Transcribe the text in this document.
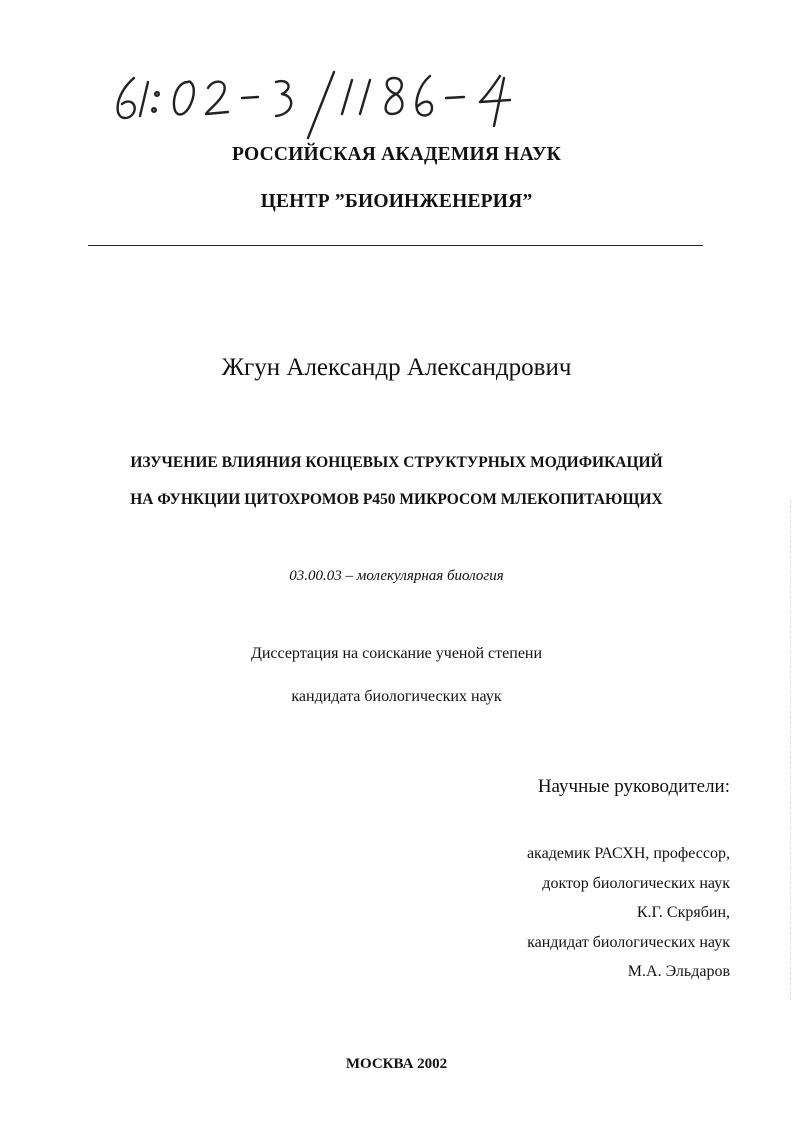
РОССИЙСКАЯ АКАДЕМИЯ НАУК
ЦЕНТР ”БИОИНЖЕНЕРИЯ”
Жгун Александр Александрович
ИЗУЧЕНИЕ ВЛИЯНИЯ КОНЦЕВЫХ СТРУКТУРНЫХ МОДИФИКАЦИЙ
НА ФУНКЦИИ ЦИТОХРОМОВ Р450 МИКРОСОМ МЛЕКОПИТАЮЩИХ
03.00.03 – молекулярная биология
Диссертация на соискание ученой степени
кандидата биологических наук
Научные руководители:
академик РАСХН, профессор,
доктор биологических наук
К.Г. Скрябин,
кандидат биологических наук
М.А. Эльдаров
МОСКВА 2002
